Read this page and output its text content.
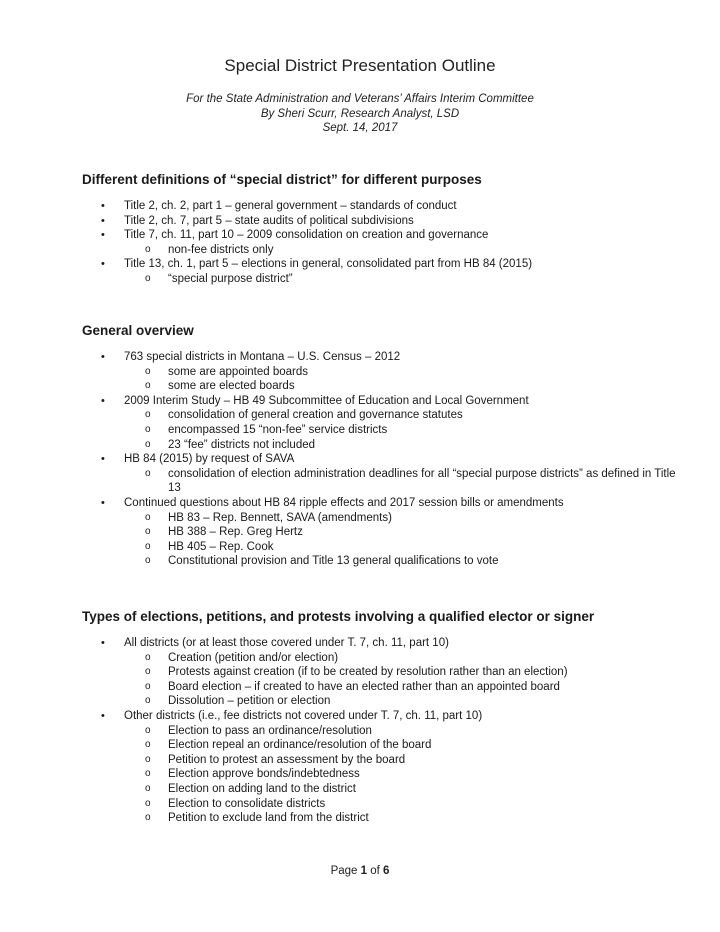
Special District Presentation Outline
For the State Administration and Veterans’ Affairs Interim Committee
By Sheri Scurr, Research Analyst, LSD
Sept. 14, 2017
Different definitions of “special district” for different purposes
• Title 2, ch. 2, part 1 – general government – standards of conduct
• Title 2, ch. 7, part 5 – state audits of political subdivisions
• Title 7, ch. 11, part 10 – 2009 consolidation on creation and governance
o non-fee districts only
• Title 13, ch. 1, part 5 – elections in general, consolidated part from HB 84 (2015)
o “special purpose district”
General overview
• 763 special districts in Montana – U.S. Census – 2012
o some are appointed boards
o some are elected boards
• 2009 Interim Study – HB 49 Subcommittee of Education and Local Government
o consolidation of general creation and governance statutes
o encompassed 15 “non-fee” service districts
o 23 “fee” districts not included
• HB 84 (2015) by request of SAVA
o consolidation of election administration deadlines for all “special purpose districts” as defined in Title 13
• Continued questions about HB 84 ripple effects and 2017 session bills or amendments
o HB 83 – Rep. Bennett, SAVA (amendments)
o HB 388 – Rep. Greg Hertz
o HB 405 – Rep. Cook
o Constitutional provision and Title 13 general qualifications to vote
Types of elections, petitions, and protests involving a qualified elector or signer
• All districts (or at least those covered under T. 7, ch. 11, part 10)
o Creation (petition and/or election)
o Protests against creation (if to be created by resolution rather than an election)
o Board election – if created to have an elected rather than an appointed board
o Dissolution – petition or election
• Other districts (i.e., fee districts not covered under T. 7, ch. 11, part 10)
o Election to pass an ordinance/resolution
o Election repeal an ordinance/resolution of the board
o Petition to protest an assessment by the board
o Election approve bonds/indebtedness
o Election on adding land to the district
o Election to consolidate districts
o Petition to exclude land from the district
Page 1 of 6
